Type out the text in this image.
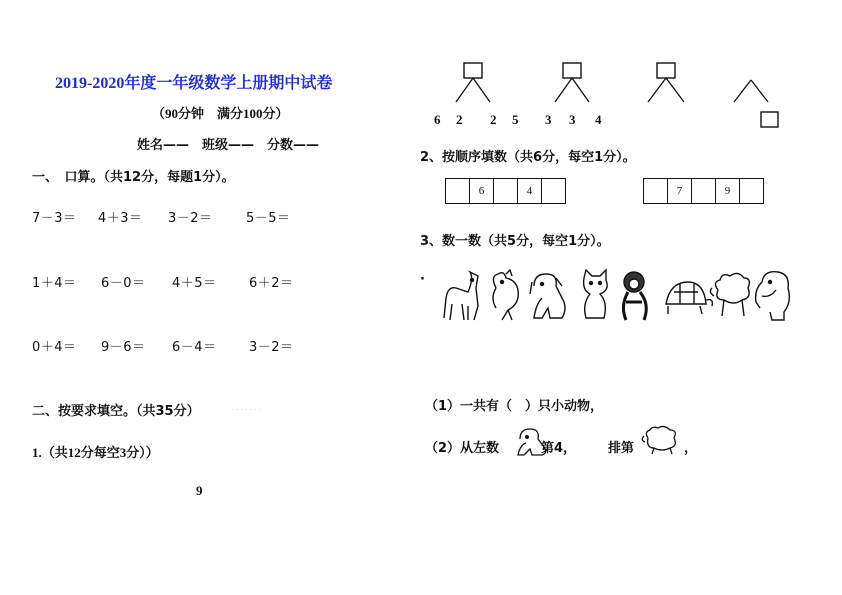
2019-2020年度一年级数学上册期中试卷
（90分钟　满分100分）
姓名——　班级——　分数——
一、　口算。（共12分，每题1分）。
7－3＝ 4＋3＝ 3－2＝	5－5＝
1＋4＝ 6－0＝ 4＋5＝ 6＋2＝
0＋4＝ 9－6＝ 6－4＝ 3－2＝
二、按要求填空。（共35分）	· · · · · · ·
1.（共12分每空3分））
9
6 2 2 5 3 3 4
2、按顺序填数（共6分，每空1分）。
6	4	7	9
3、数一数（共5分，每空1分）。
·
（1）一共有（　）只小动物，
（2）从左数	第4， 排第	，
